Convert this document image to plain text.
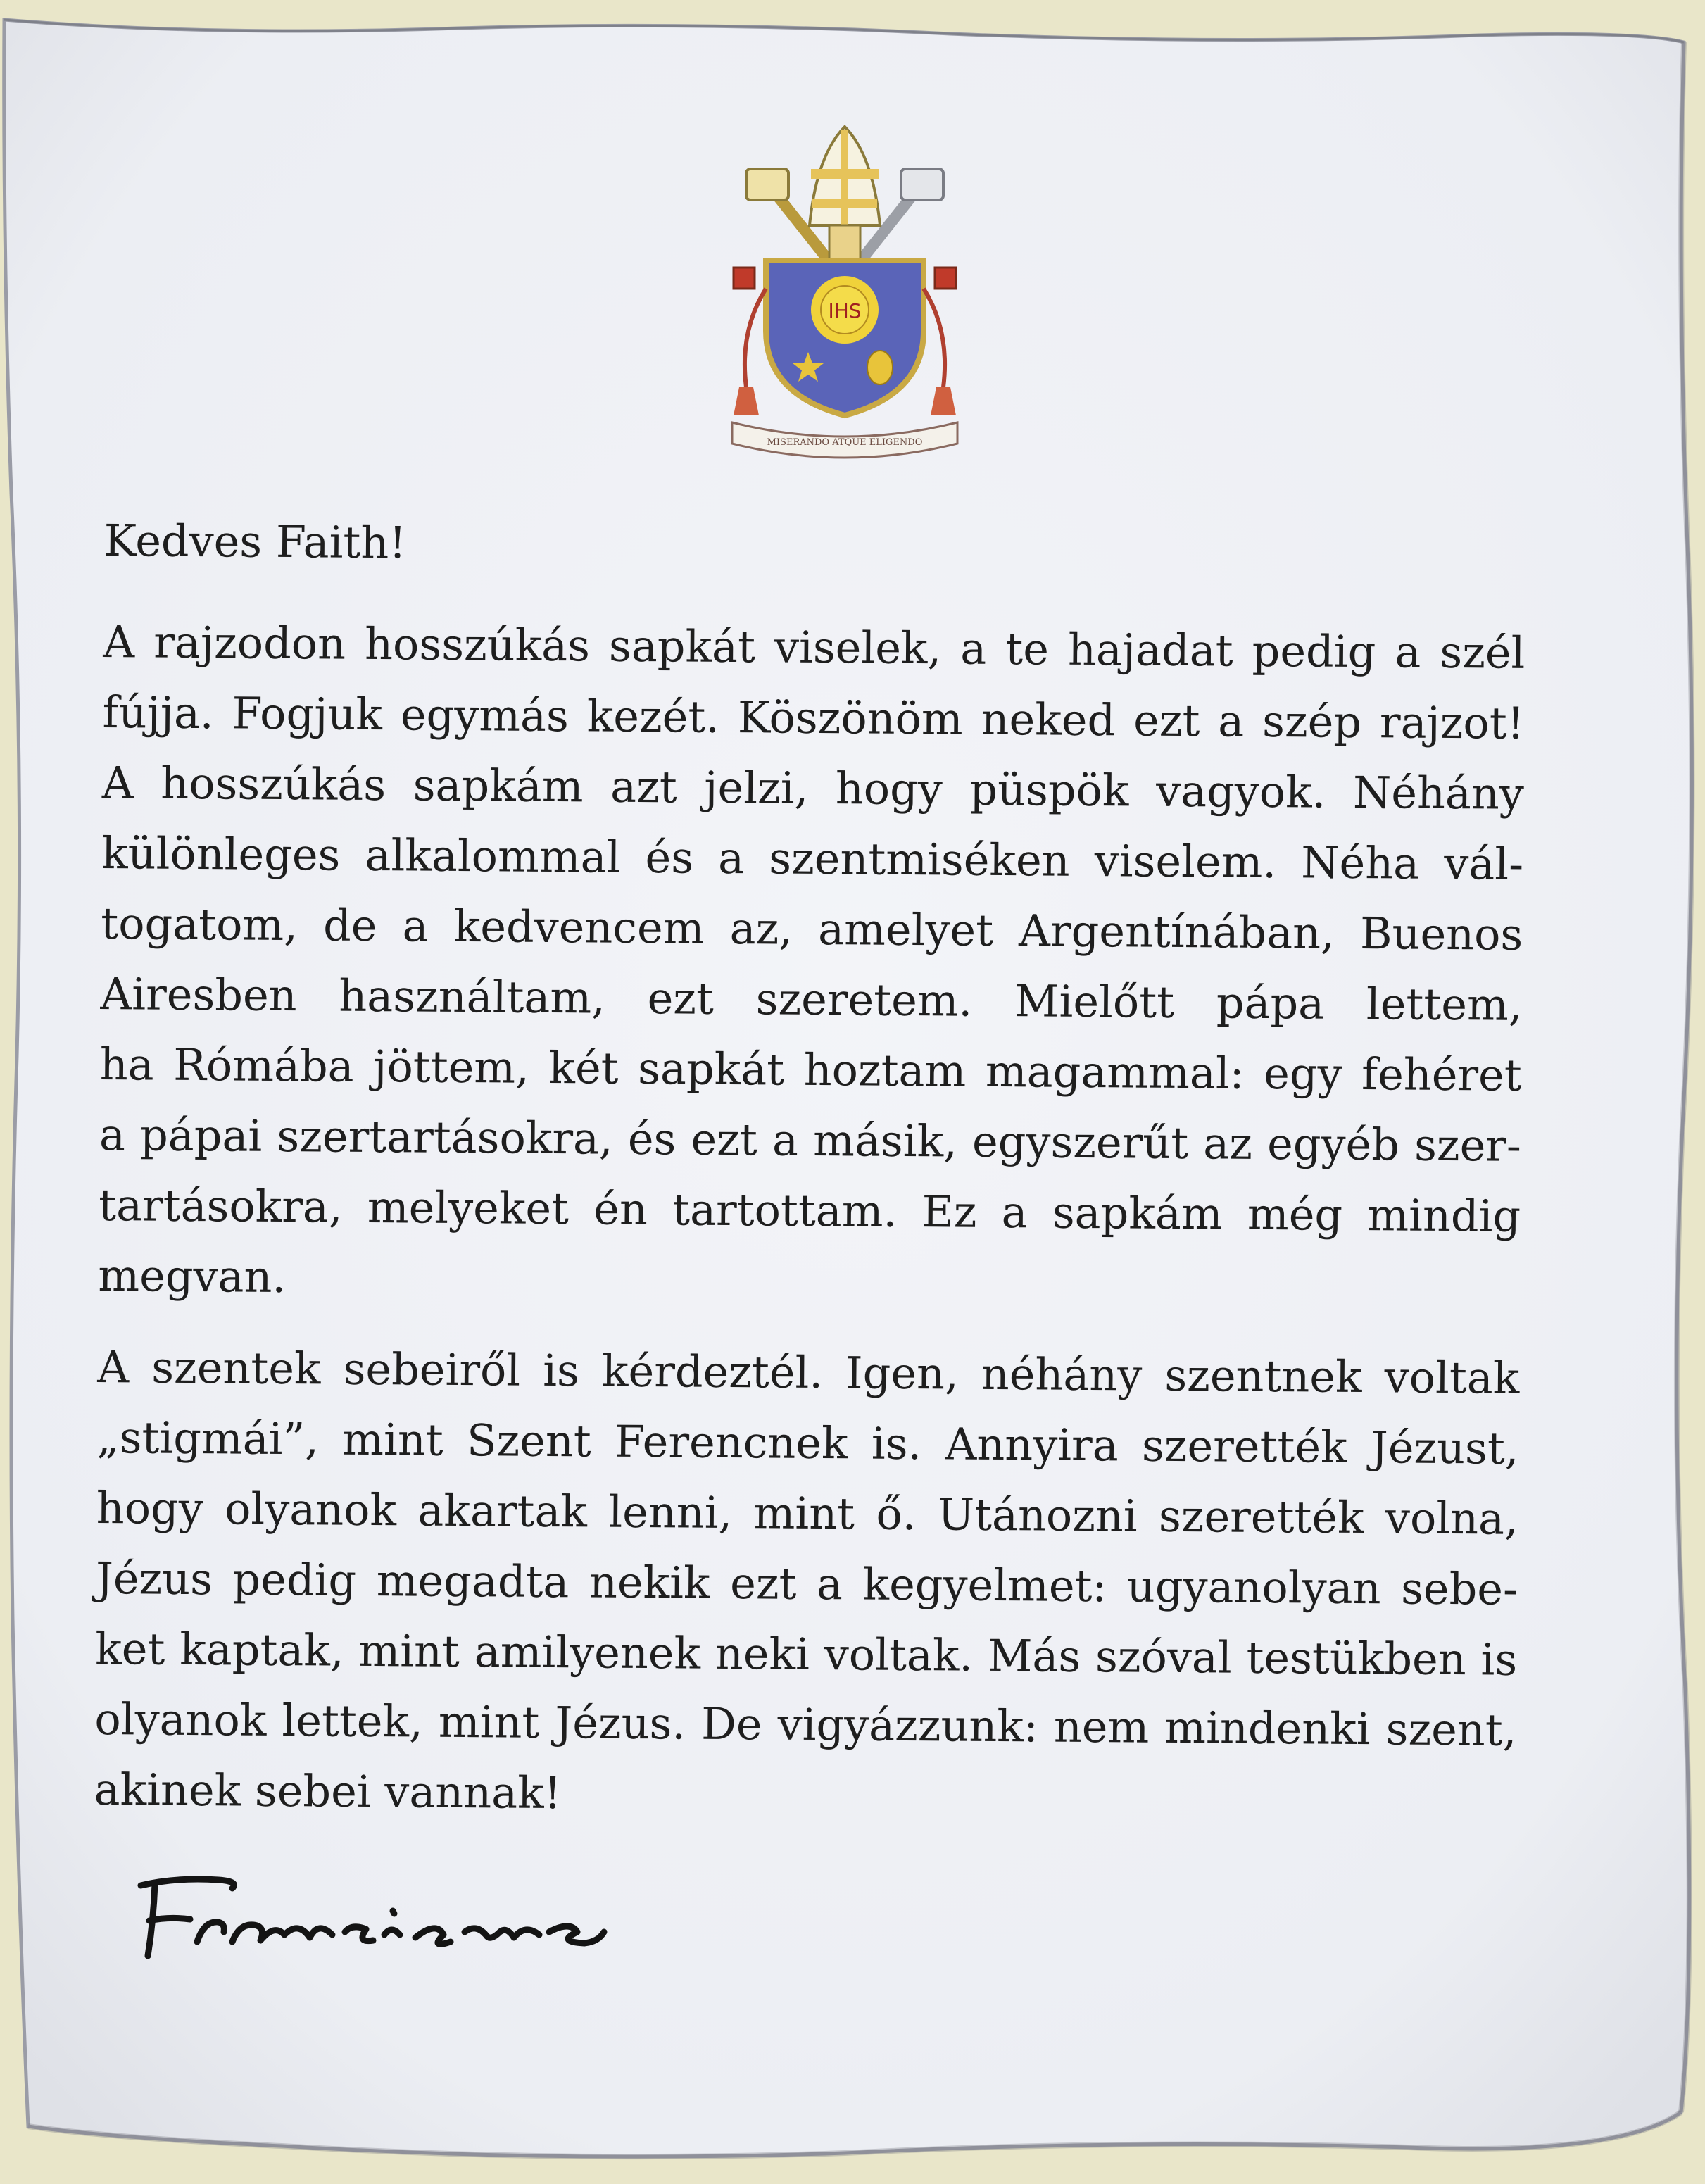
IHS
MISERANDO ATQUE ELIGENDO
Kedves Faith!

A rajzodon hosszúkás sapkát viselek, a te hajadat pedig a szél

fújja. Fogjuk egymás kezét. Köszönöm neked ezt a szép rajzot!

A hosszúkás sapkám azt jelzi, hogy püspök vagyok. Néhány

különleges alkalommal és a szentmiséken viselem. Néha vál-

togatom, de a kedvencem az, amelyet Argentínában, Buenos

Airesben használtam, ezt szeretem. Mielőtt pápa lettem,

ha Rómába jöttem, két sapkát hoztam magammal: egy fehéret

a pápai szertartásokra, és ezt a másik, egyszerűt az egyéb szer-

tartásokra, melyeket én tartottam. Ez a sapkám még mindig

megvan.

A szentek sebeiről is kérdeztél. Igen, néhány szentnek voltak

„stigmái”, mint Szent Ferencnek is. Annyira szerették Jézust,

hogy olyanok akartak lenni, mint ő. Utánozni szerették volna,

Jézus pedig megadta nekik ezt a kegyelmet: ugyanolyan sebe-

ket kaptak, mint amilyenek neki voltak. Más szóval testükben is

olyanok lettek, mint Jézus. De vigyázzunk: nem mindenki szent,

akinek sebei vannak!
